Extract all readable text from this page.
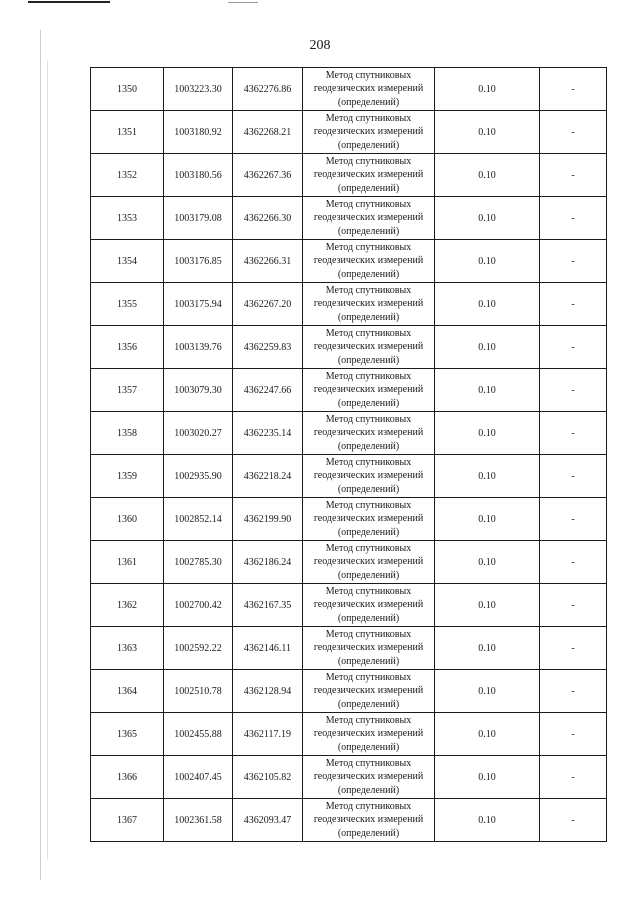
208
1350	1003223.30	4362276.86	Метод спутниковых
геодезических измерений
(определений)	0.10	-
1351	1003180.92	4362268.21	Метод спутниковых
геодезических измерений
(определений)	0.10	-
1352	1003180.56	4362267.36	Метод спутниковых
геодезических измерений
(определений)	0.10	-
1353	1003179.08	4362266.30	Метод спутниковых
геодезических измерений
(определений)	0.10	-
1354	1003176.85	4362266.31	Метод спутниковых
геодезических измерений
(определений)	0.10	-
1355	1003175.94	4362267.20	Метод спутниковых
геодезических измерений
(определений)	0.10	-
1356	1003139.76	4362259.83	Метод спутниковых
геодезических измерений
(определений)	0.10	-
1357	1003079.30	4362247.66	Метод спутниковых
геодезических измерений
(определений)	0.10	-
1358	1003020.27	4362235.14	Метод спутниковых
геодезических измерений
(определений)	0.10	-
1359	1002935.90	4362218.24	Метод спутниковых
геодезических измерений
(определений)	0.10	-
1360	1002852.14	4362199.90	Метод спутниковых
геодезических измерений
(определений)	0.10	-
1361	1002785.30	4362186.24	Метод спутниковых
геодезических измерений
(определений)	0.10	-
1362	1002700.42	4362167.35	Метод спутниковых
геодезических измерений
(определений)	0.10	-
1363	1002592.22	4362146.11	Метод спутниковых
геодезических измерений
(определений)	0.10	-
1364	1002510.78	4362128.94	Метод спутниковых
геодезических измерений
(определений)	0.10	-
1365	1002455.88	4362117.19	Метод спутниковых
геодезических измерений
(определений)	0.10	-
1366	1002407.45	4362105.82	Метод спутниковых
геодезических измерений
(определений)	0.10	-
1367	1002361.58	4362093.47	Метод спутниковых
геодезических измерений
(определений)	0.10	-
